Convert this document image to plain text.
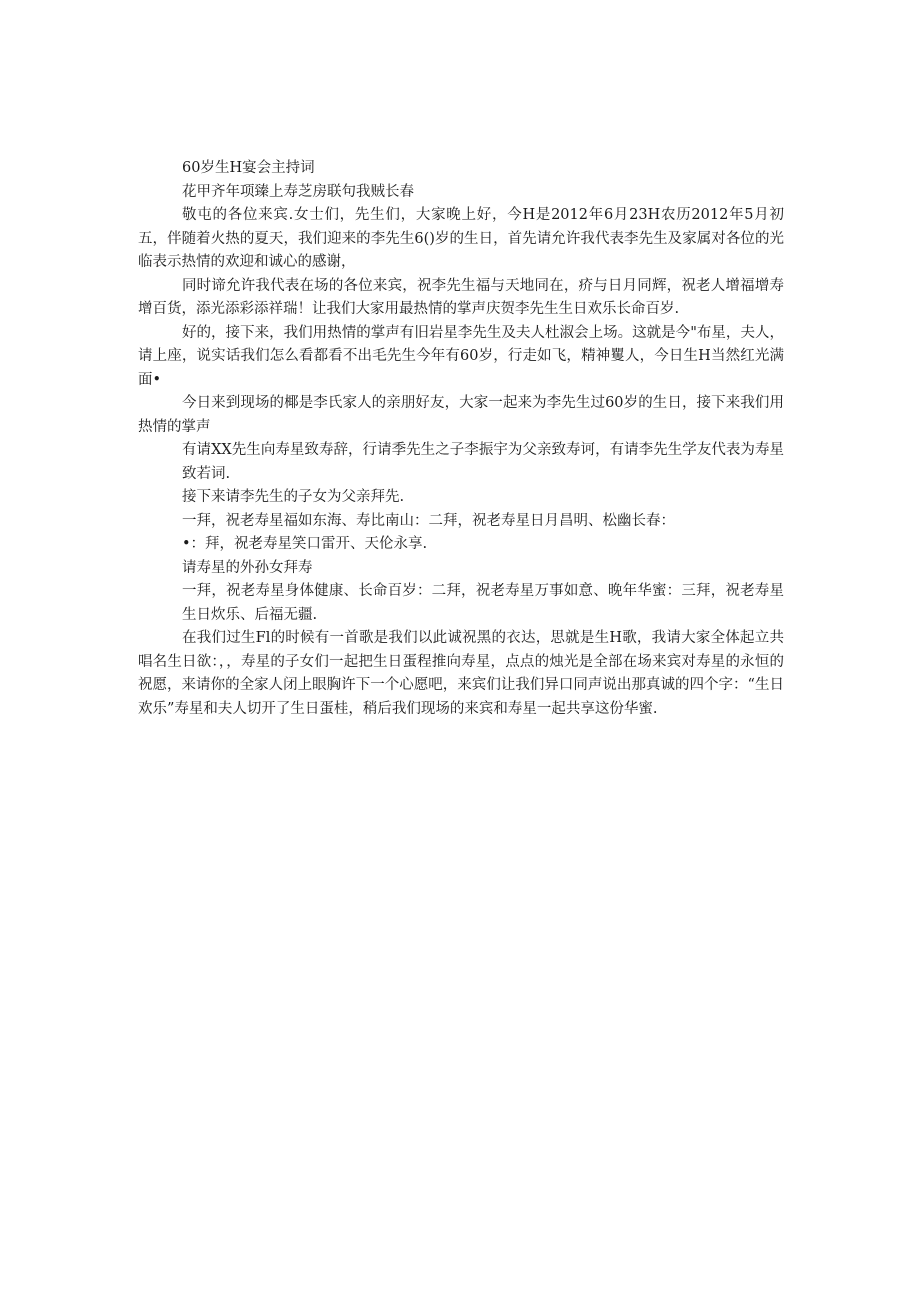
60岁生H宴会主持词

花甲齐年项臻上寿芝房联句我贼长春

敬屯的各位来宾.女士们，先生们，大家晚上好，今H是2012年6月23H农历2012年5月初五，伴随着火热的夏天，我们迎来的李先生6()岁的生日，首先请允许我代表李先生及家属对各位的光临表示热情的欢迎和诚心的感谢，

同时谛允许我代表在场的各位来宾，祝李先生福与天地同在，疥与日月同辉，祝老人增福增寿增百货，添光添彩添祥瑞！让我们大家用最热情的掌声庆贺李先生生日欢乐长命百岁.

好的，接下来，我们用热情的掌声有旧岩星李先生及夫人杜淑会上场。这就是今"布星，夫人，请上座，说实话我们怎么看都看不出毛先生今年有60岁，行走如飞，精神矍人，今日生H当然红光满面•

今日来到现场的椰是李氏家人的亲朋好友，大家一起来为李先生过60岁的生日，接下来我们用热情的掌声

有请XX先生向寿星致寿辞，行请季先生之子李振宇为父亲致寿诃，有请李先生学友代表为寿星致若词.

接下来请李先生的子女为父亲拜先.

一拜，祝老寿星福如东海、寿比南山：二拜，祝老寿星日月昌明、松幽长春：

•：拜，祝老寿星笑口雷开、天伦永享.

请寿星的外孙女拜寿

一拜，祝老寿星身体健康、长命百岁：二拜，祝老寿星万事如意、晚年华蜜：三拜，祝老寿星生日炊乐、后福无疆.

在我们过生Fl的时候有一首歌是我们以此诚祝黑的衣达，思就是生H歌，我请大家全体起立共唱名生日欲：，，寿星的子女们一起把生日蛋程推向寿星，点点的烛光是全部在场来宾对寿星的永恒的祝愿，来请你的全家人闭上眼胸许下一个心愿吧，来宾们让我们异口同声说出那真诚的四个字：“生日欢乐”寿星和夫人切开了生日蛋桂，稍后我们现场的来宾和寿星一起共享这份华蜜.
